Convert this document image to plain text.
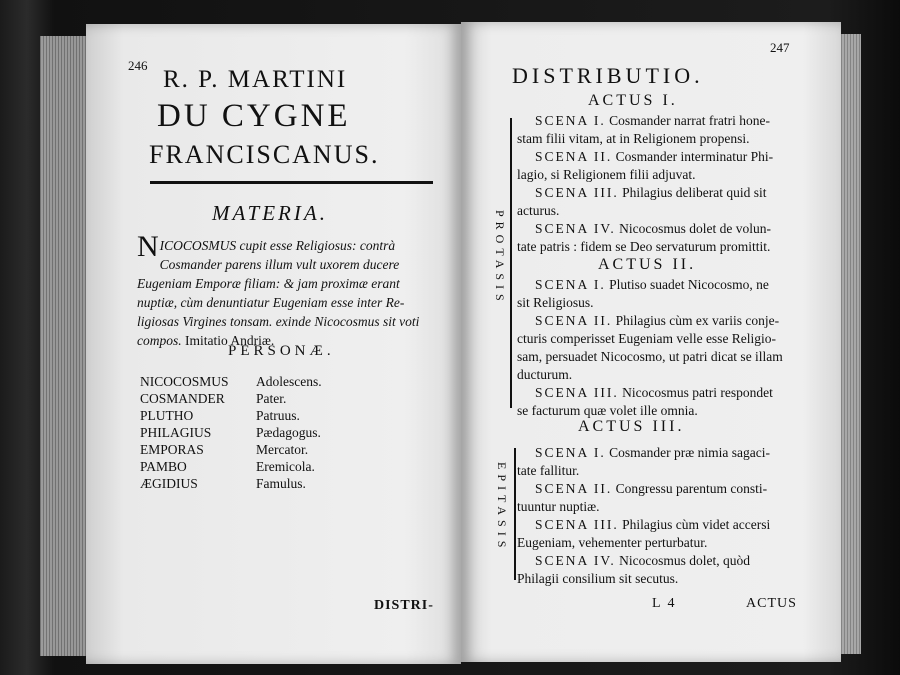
246
R. P. MARTINI
DU CYGNE
FRANCISCANUS.
MATERIA.
NICOCOSMUS cupit esse Religiosus: contrà
Cosmander parens illum vult uxorem ducere
Eugeniam Emporæ filiam: & jam proximæ erant
nuptiæ, cùm denuntiatur Eugeniam esse inter Re-
ligiosas Virgines tonsam. exinde Nicocosmus sit voti
compos. Imitatio Andriæ.
PERSONÆ.
NICOCOSMUS	Adolescens.
COSMANDER	Pater.
PLUTHO	Patruus.
PHILAGIUS	Pædagogus.
EMPORAS	Mercator.
PAMBO	Eremicola.
ÆGIDIUS	Famulus.
DISTRI-
247
DISTRIBUTIO.
ACTUS I.
SCENA I. Cosmander narrat fratri hone-
stam filii vitam, at in Religionem propensi.
SCENA II. Cosmander interminatur Phi-
lagio, si Religionem filii adjuvat.
SCENA III. Philagius deliberat quid sit
acturus.
SCENA IV. Nicocosmus dolet de volun-
tate patris : fidem se Deo servaturum promittit.
ACTUS II.
SCENA I. Plutiso suadet Nicocosmo, ne
sit Religiosus.
SCENA II. Philagius cùm ex variis conje-
cturis comperisset Eugeniam velle esse Religio-
sam, persuadet Nicocosmo, ut patri dicat se illam
ducturum.
SCENA III. Nicocosmus patri respondet
se facturum quæ volet ille omnia.
ACTUS III.
SCENA I. Cosmander præ nimia sagaci-
tate fallitur.
SCENA II. Congressu parentum consti-
tuuntur nuptiæ.
SCENA III. Philagius cùm videt accersi
Eugeniam, vehementer perturbatur.
SCENA IV. Nicocosmus dolet, quòd
Philagii consilium sit secutus.
PROTASIS
EPITASIS
L 4	ACTUS
